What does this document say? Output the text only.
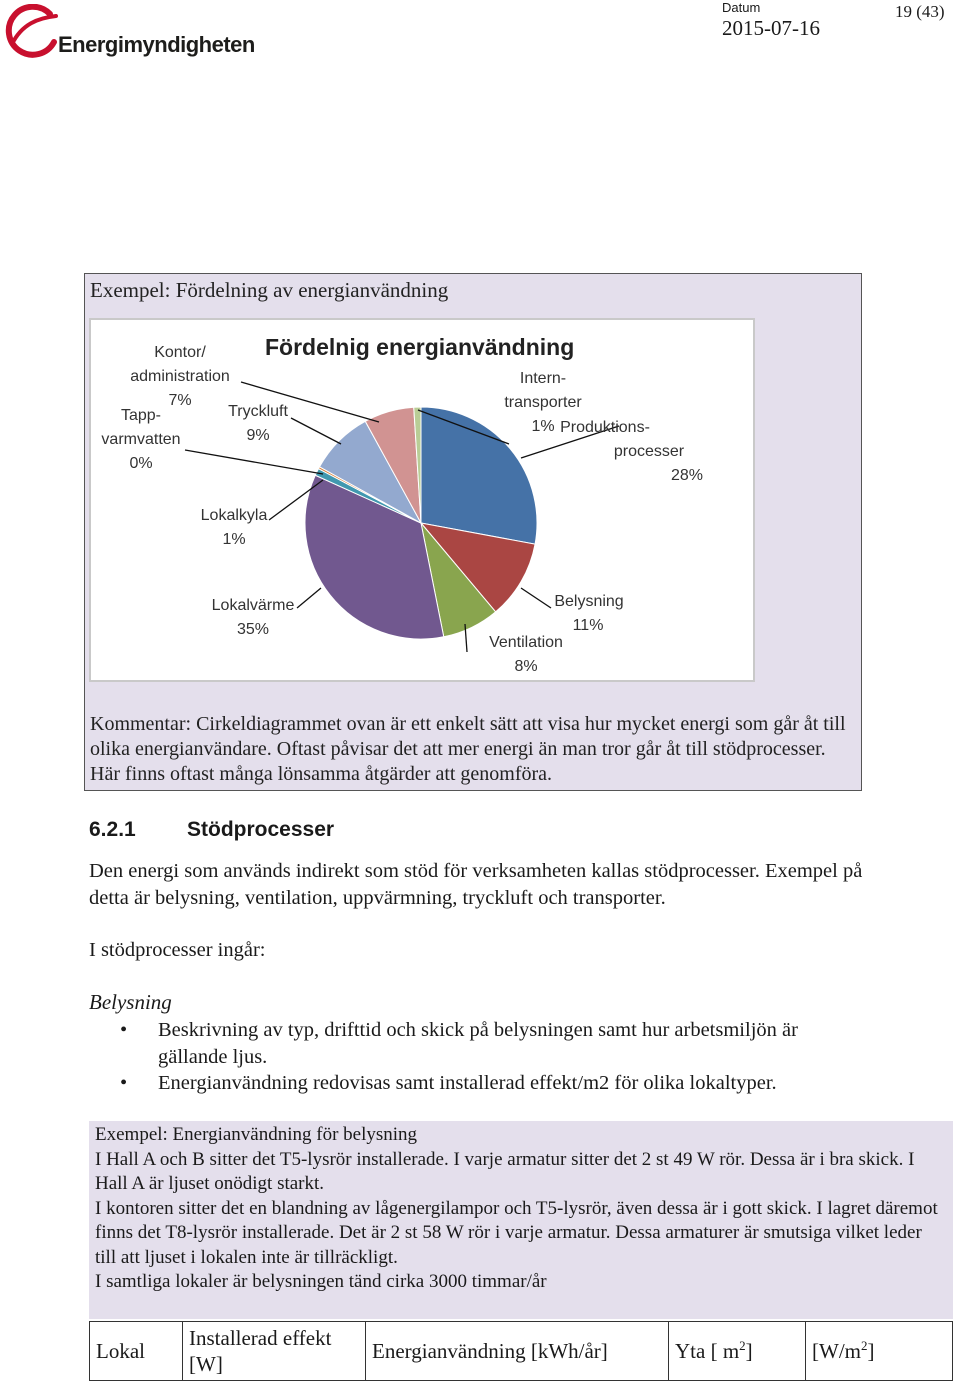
Energimyndigheten
Datum
2015-07-16
19 (43)
Exempel: Fördelning av energianvändning
Produktions-
processer
28%
Belysning
11%
Ventilation
8%
Lokalvärme
35%
Lokalkyla
1%
Tapp-
varmvatten
0%
Tryckluft
9%
Kontor/
administration
7%
Intern-
transporter
1%
Kommentar: Cirkeldiagrammet ovan är ett enkelt sätt att visa hur mycket energi som går åt till olika energianvändare. Oftast påvisar det att mer energi än man tror går åt till stödprocesser. Här finns oftast många lönsamma åtgärder att genomföra.
Fördelnig energianvändning
6.2.1 Stödprocesser
Den energi som används indirekt som stöd för verksamheten kallas stödprocesser. Exempel på detta är belysning, ventilation, uppvärmning, tryckluft och transporter.
I stödprocesser ingår:
Belysning
• Beskrivning av typ, drifttid och skick på belysningen samt hur arbetsmiljön är gällande ljus.
• Energianvändning redovisas samt installerad effekt/m2 för olika lokaltyper.
Exempel: Energianvändning för belysning
I Hall A och B sitter det T5-lysrör installerade. I varje armatur sitter det 2 st 49 W rör. Dessa är i bra skick. I Hall A är ljuset onödigt starkt.
I kontoren sitter det en blandning av lågenergilampor och T5-lysrör, även dessa är i gott skick. I lagret däremot finns det T8-lysrör installerade. Det är 2 st 58 W rör i varje armatur. Dessa armaturer är smutsiga vilket leder till att ljuset i lokalen inte är tillräckligt.
I samtliga lokaler är belysningen tänd cirka 3000 timmar/år
Lokal	Installerad effekt [W]	Energianvändning [kWh/år]	Yta [ $m^2$]	$[W/m^2]$
